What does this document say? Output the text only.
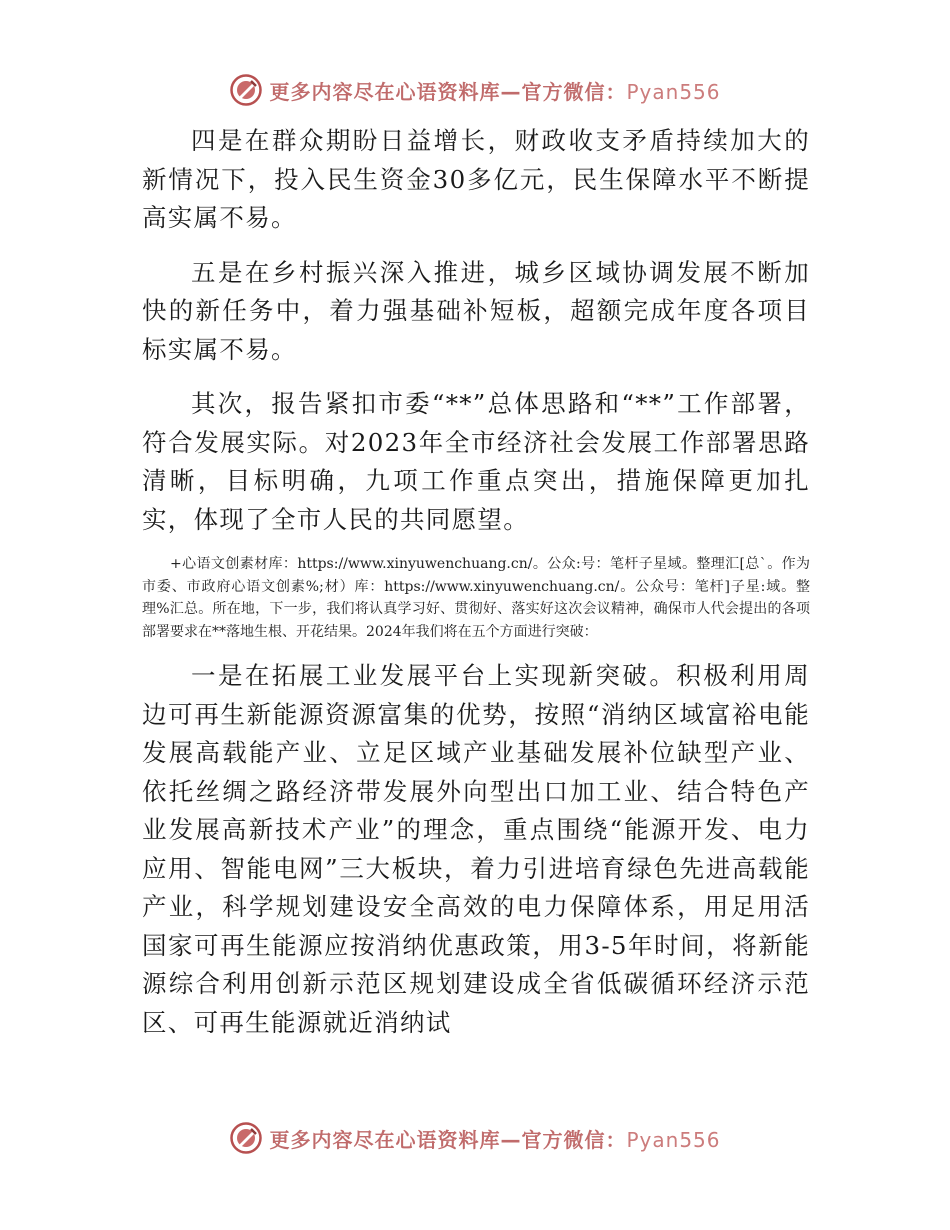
更多内容尽在心语资料库—官方微信：Pyan556

四是在群众期盼日益增长，财政收支矛盾持续加大的新情况下，投入民生资金30多亿元，民生保障水平不断提高实属不易。

五是在乡村振兴深入推进，城乡区域协调发展不断加快的新任务中，着力强基础补短板，超额完成年度各项目标实属不易。

其次，报告紧扣市委“**”总体思路和“**”工作部署，符合发展实际。对2023年全市经济社会发展工作部署思路清晰，目标明确，九项工作重点突出，措施保障更加扎实，体现了全市人民的共同愿望。

+心语文创素材库：https://www.xinyuwenchuang.cn/。公众:号：笔杆子星域。整理汇[总`。作为市委、市政府心语文创素%;材）库：https://www.xinyuwenchuang.cn/。公众号：笔杆]子星:域。整理%汇总。所在地，下一步，我们将认真学习好、贯彻好、落实好这次会议精神，确保市人代会提出的各项部署要求在**落地生根、开花结果。2024年我们将在五个方面进行突破：

一是在拓展工业发展平台上实现新突破。积极利用周边可再生新能源资源富集的优势，按照“消纳区域富裕电能发展高载能产业、立足区域产业基础发展补位缺型产业、依托丝绸之路经济带发展外向型出口加工业、结合特色产业发展高新技术产业”的理念，重点围绕“能源开发、电力应用、智能电网”三大板块，着力引进培育绿色先进高载能产业，科学规划建设安全高效的电力保障体系，用足用活国家可再生能源应按消纳优惠政策，用3-5年时间，将新能源综合利用创新示范区规划建设成全省低碳循环经济示范区、可再生能源就近消纳试

更多内容尽在心语资料库—官方微信：Pyan556
